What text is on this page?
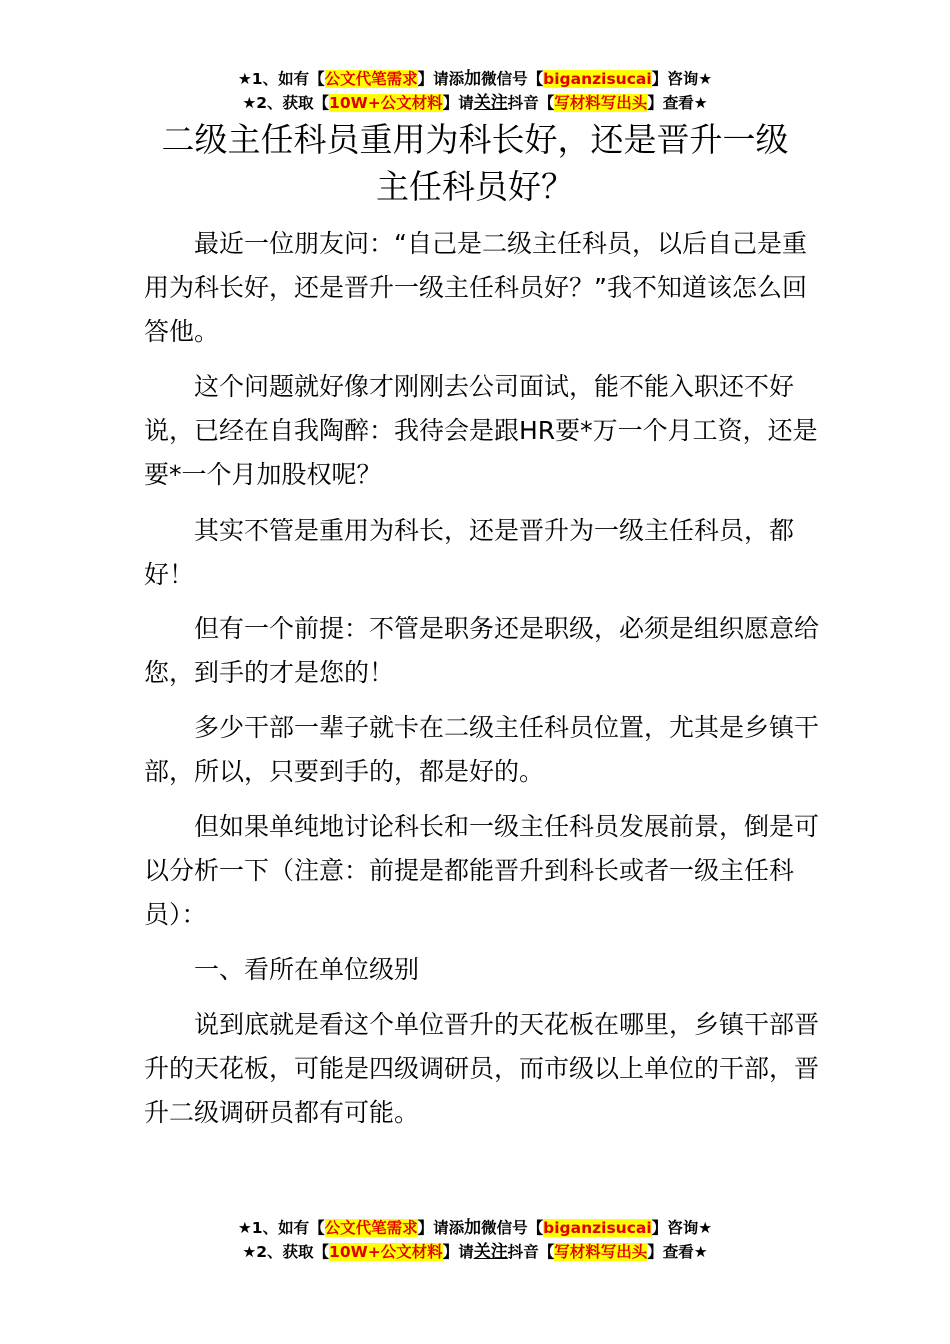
★1、如有【公文代笔需求】请添加微信号【biganzisucai】咨询★
★2、获取【10W+公文材料】请关注抖音【写材料写出头】查看★
二级主任科员重用为科长好，还是晋升一级
主任科员好？

最近一位朋友问：“自己是二级主任科员，以后自己是重用为科长好，还是晋升一级主任科员好？”我不知道该怎么回答他。

这个问题就好像才刚刚去公司面试，能不能入职还不好说，已经在自我陶醉：我待会是跟HR要*万一个月工资，还是要*一个月加股权呢？

其实不管是重用为科长，还是晋升为一级主任科员，都好！

但有一个前提：不管是职务还是职级，必须是组织愿意给您，到手的才是您的！

多少干部一辈子就卡在二级主任科员位置，尤其是乡镇干部，所以，只要到手的，都是好的。

但如果单纯地讨论科长和一级主任科员发展前景，倒是可以分析一下（注意：前提是都能晋升到科长或者一级主任科员）：

一、看所在单位级别

说到底就是看这个单位晋升的天花板在哪里，乡镇干部晋升的天花板，可能是四级调研员，而市级以上单位的干部，晋升二级调研员都有可能。

★1、如有【公文代笔需求】请添加微信号【biganzisucai】咨询★
★2、获取【10W+公文材料】请关注抖音【写材料写出头】查看★
